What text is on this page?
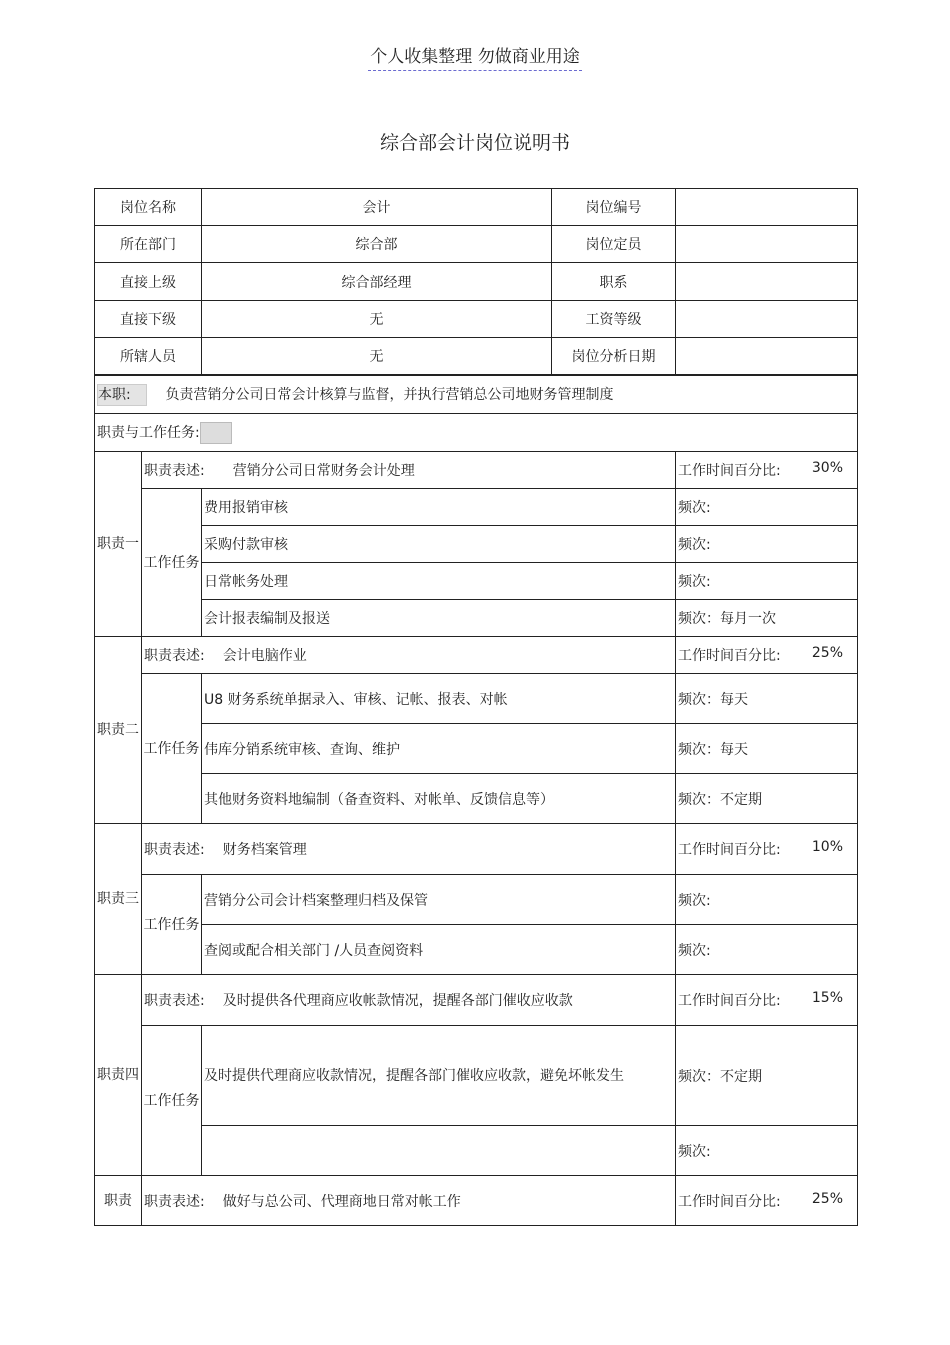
个人收集整理 勿做商业用途
综合部会计岗位说明书
岗位名称	会计	岗位编号	
所在部门	综合部	岗位定员	
直接上级	综合部经理	职系	
直接下级	无	工资等级	
所辖人员	无	岗位分析日期	
本职: 负责营销分公司日常会计核算与监督，并执行营销总公司地财务管理制度			
职责与工作任务:			
职责一	职责表述: 营销分公司日常财务会计处理		工作时间百分比: 30%

	工作任务	费用报销审核	频次:
		采购付款审核	频次:
		日常帐务处理	频次:
		会计报表编制及报送	频次：每月一次
职责二	职责表述: 会计电脑作业		工作时间百分比: 25%

	工作任务	U8 财务系统单据录入、审核、记帐、报表、对帐	频次：每天
		伟库分销系统审核、查询、维护	频次：每天
		其他财务资料地编制（备查资料、对帐单、反馈信息等）	频次：不定期
职责三	职责表述: 财务档案管理		工作时间百分比: 10%

	工作任务	营销分公司会计档案整理归档及保管	频次:
		查阅或配合相关部门 /人员查阅资料	频次:
职责四	职责表述: 及时提供各代理商应收帐款情况，提醒各部门催收应收款		工作时间百分比: 15%

	工作任务	及时提供代理商应收款情况，提醒各部门催收应收款，避免坏帐发生	频次：不定期
			频次:
职责	职责表述: 做好与总公司、代理商地日常对帐工作		工作时间百分比: 25%
